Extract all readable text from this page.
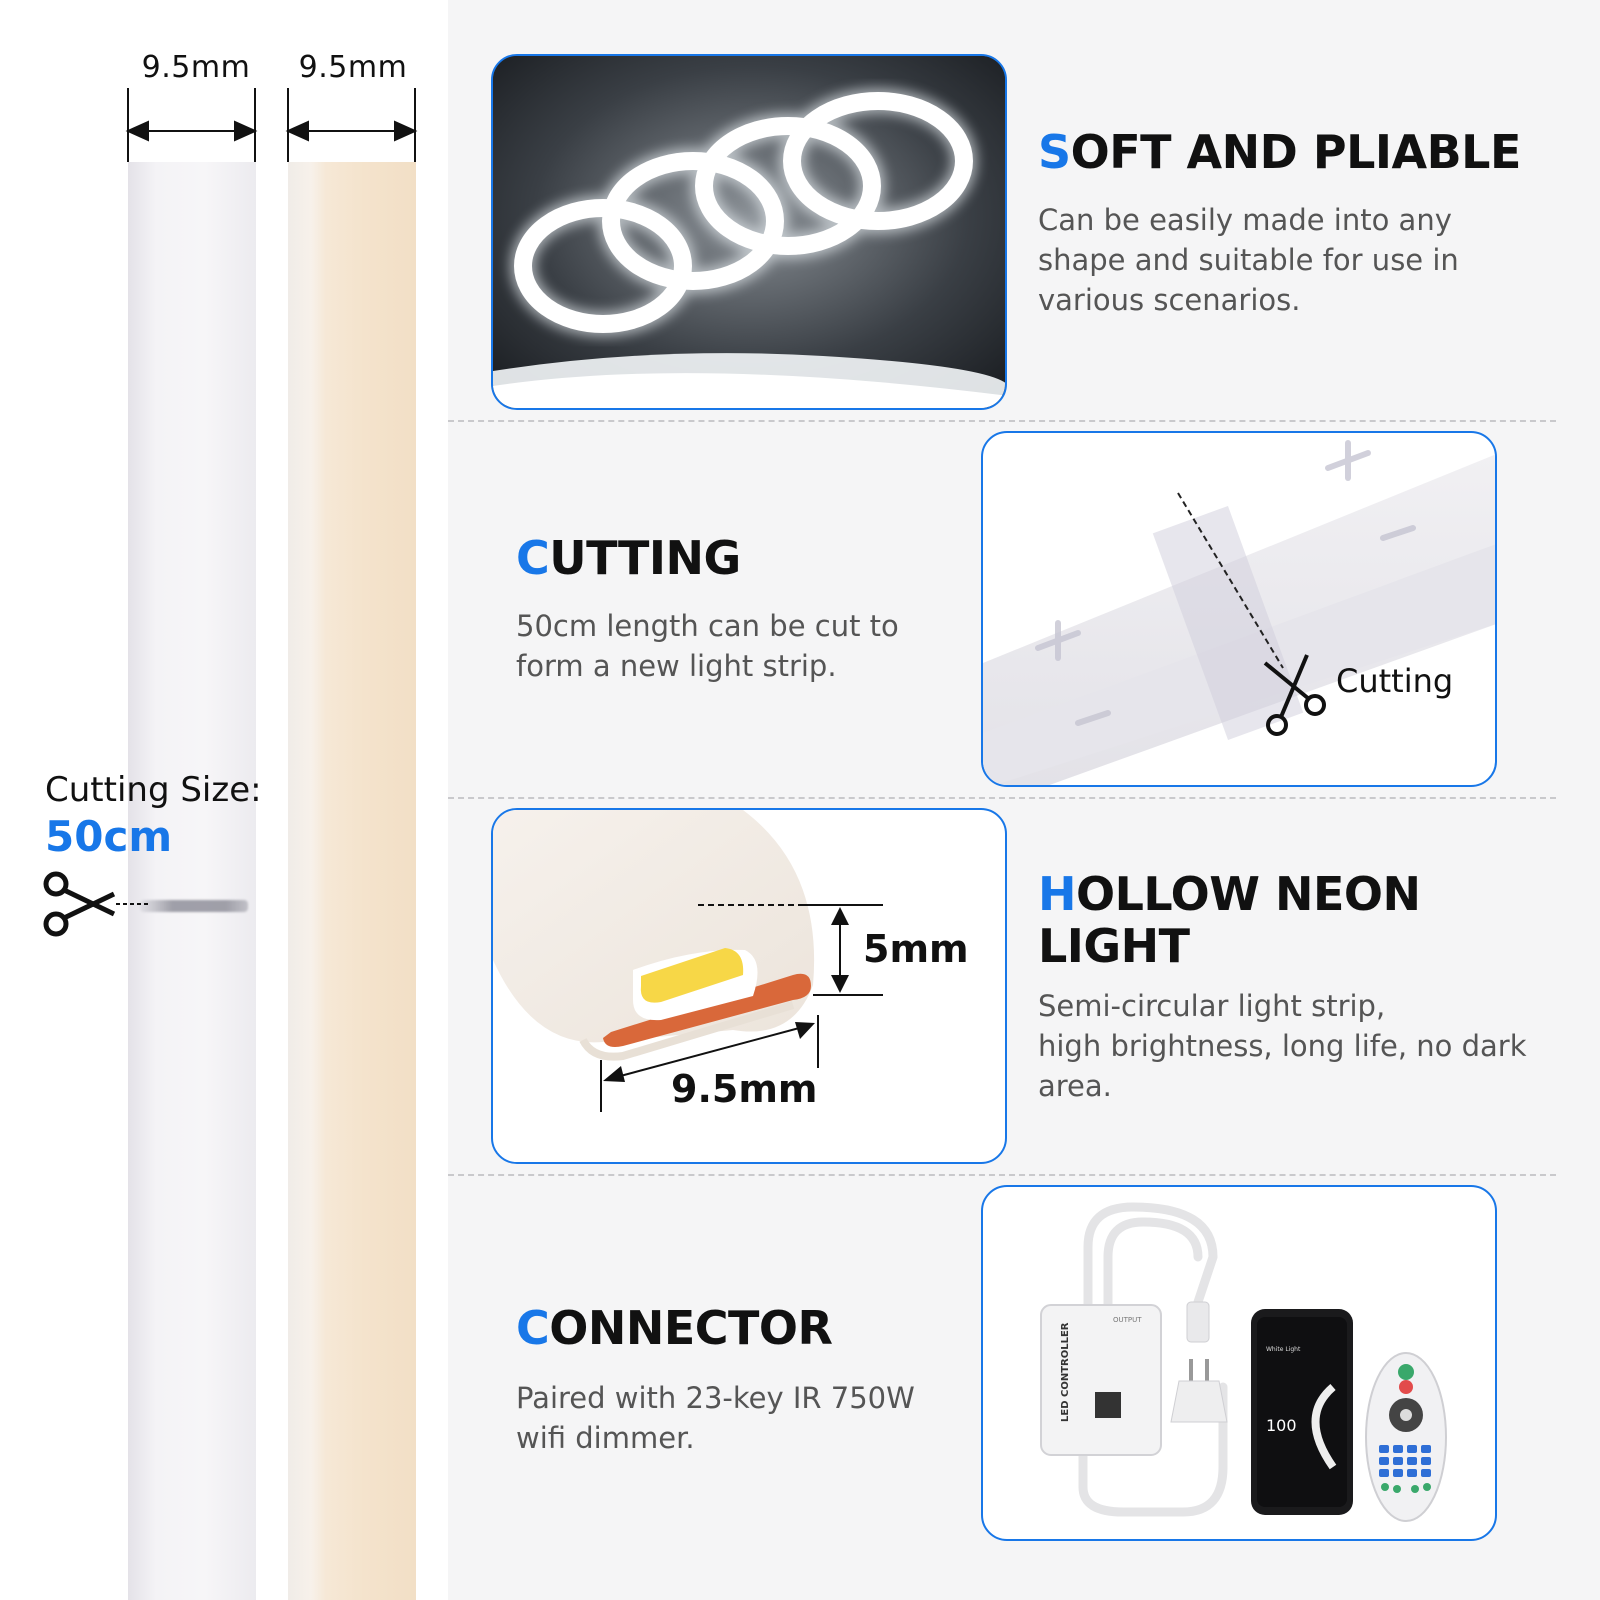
9.5mm	9.5mm
Cutting Size:
50cm
SOFT AND PLIABLE
Can be easily made into any
shape and suitable for use in
various scenarios.
CUTTING
50cm length can be cut to
form a new light strip.	Cutting
5mm
9.5mm
HOLLOW NEON
LIGHT
Semi-circular light strip,
high brightness, long life, no dark
area.
CONNECTOR
Paired with 23-key IR 750W
wifi dimmer.
OUTPUT
LED CONTROLLER	White Light
100
